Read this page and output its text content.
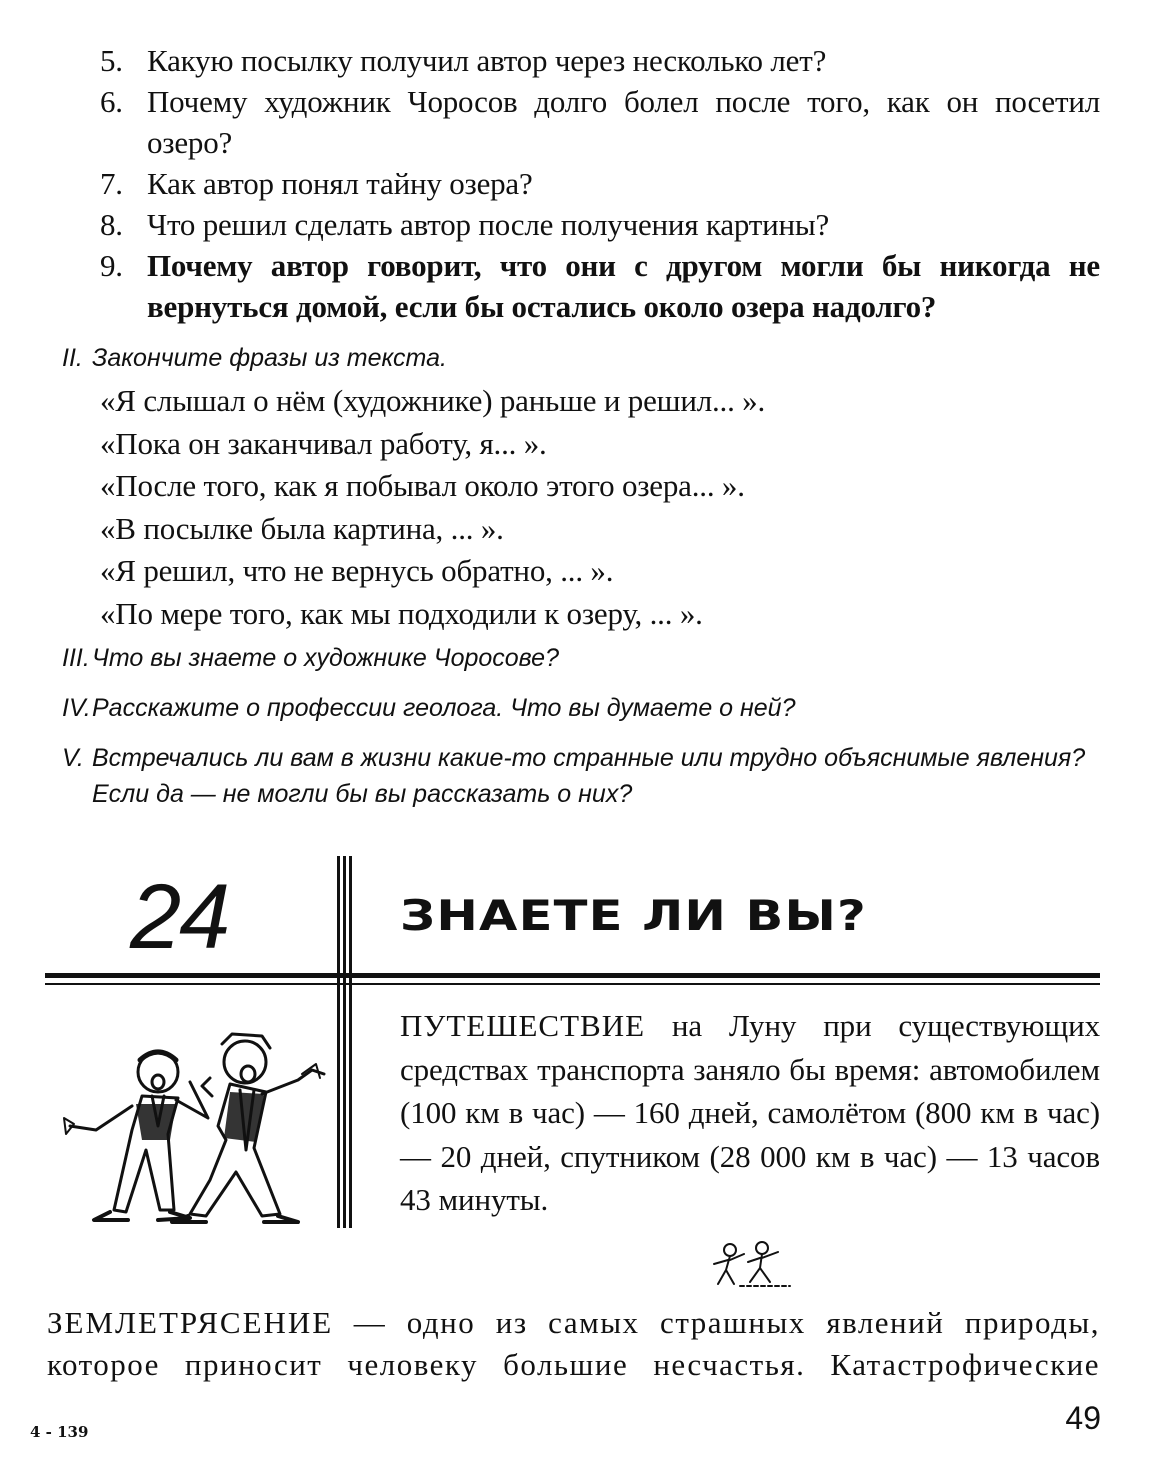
5. Какую посылку получил автор через несколько лет?
6. Почему художник Чоросов долго болел после того, как он посетил озеро?
7. Как автор понял тайну озера?
8. Что решил сделать автор после получения картины?
9. Почему автор говорит, что они с другом могли бы никогда не вернуться домой, если бы остались около озера надолго?
II. Закончите фразы из текста.
«Я слышал о нём (художнике) раньше и решил... ».
«Пока он заканчивал работу, я... ».
«После того, как я побывал около этого озера... ».
«В посылке была картина, ... ».
«Я решил, что не вернусь обратно, ... ».
«По мере того, как мы подходили к озеру, ... ».
III. Что вы знаете о художнике Чоросове?
IV. Расскажите о профессии геолога. Что вы думаете о ней?
V. Встречались ли вам в жизни какие-то странные или трудно объяснимые явления? Если да — не могли бы вы рассказать о них?
24	ЗНАЕТЕ ЛИ ВЫ?
ПУТЕШЕСТВИЕ на Луну при существующих средствах транспорта заняло бы время: автомобилем (100 км в час) — 160 дней, самолётом (800 км в час) — 20 дней, спутником (28 000 км в час) — 13 часов 43 минуты.
ЗЕМЛЕТРЯСЕНИЕ — одно из самых страшных явлений природы, которое приносит человеку большие несчастья. Катастрофические
4 - 139	49
